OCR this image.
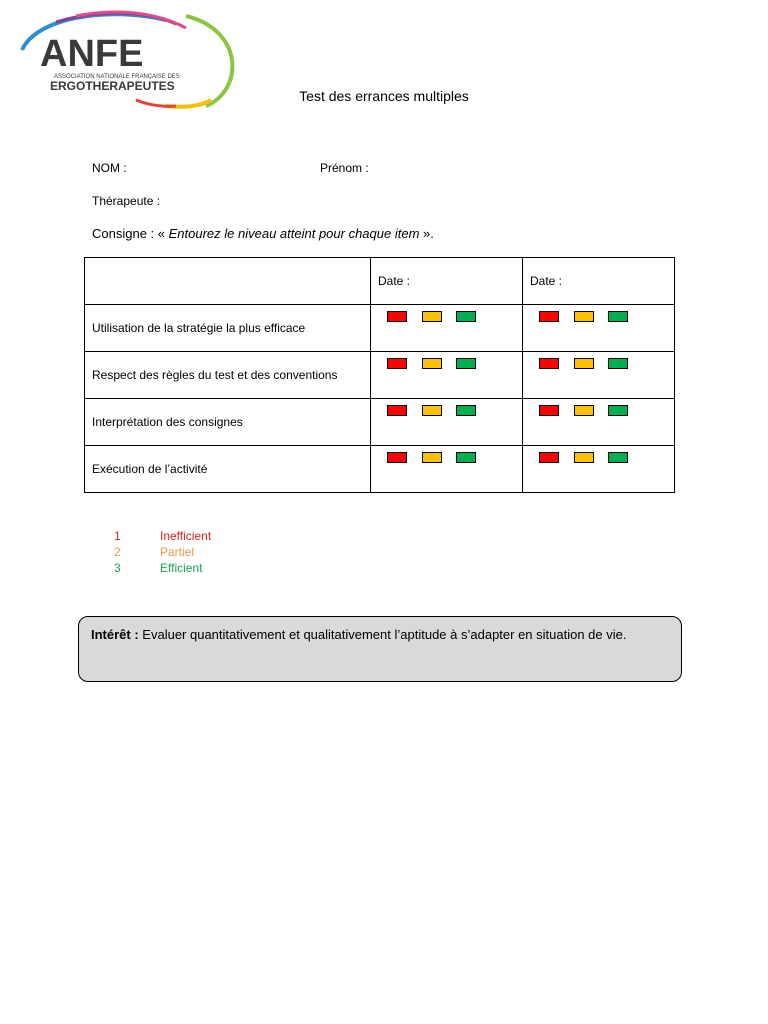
ANFE
ASSOCIATION NATIONALE FRANÇAISE DES
ERGOTHERAPEUTES
Test des errances multiples
NOM :	Prénom :
Thérapeute :
Consigne : « Entourez le niveau atteint pour chaque item ».
	Date :	Date :
Utilisation de la stratégie la plus efficace	

Respect des règles du test et des conventions	

Interprétation des consignes	

Exécution de l’activité	

1	Inefficient
2	Partiel
3	Efficient
Intérêt : Evaluer quantitativement et qualitativement l’aptitude à s’adapter en situation de vie.
